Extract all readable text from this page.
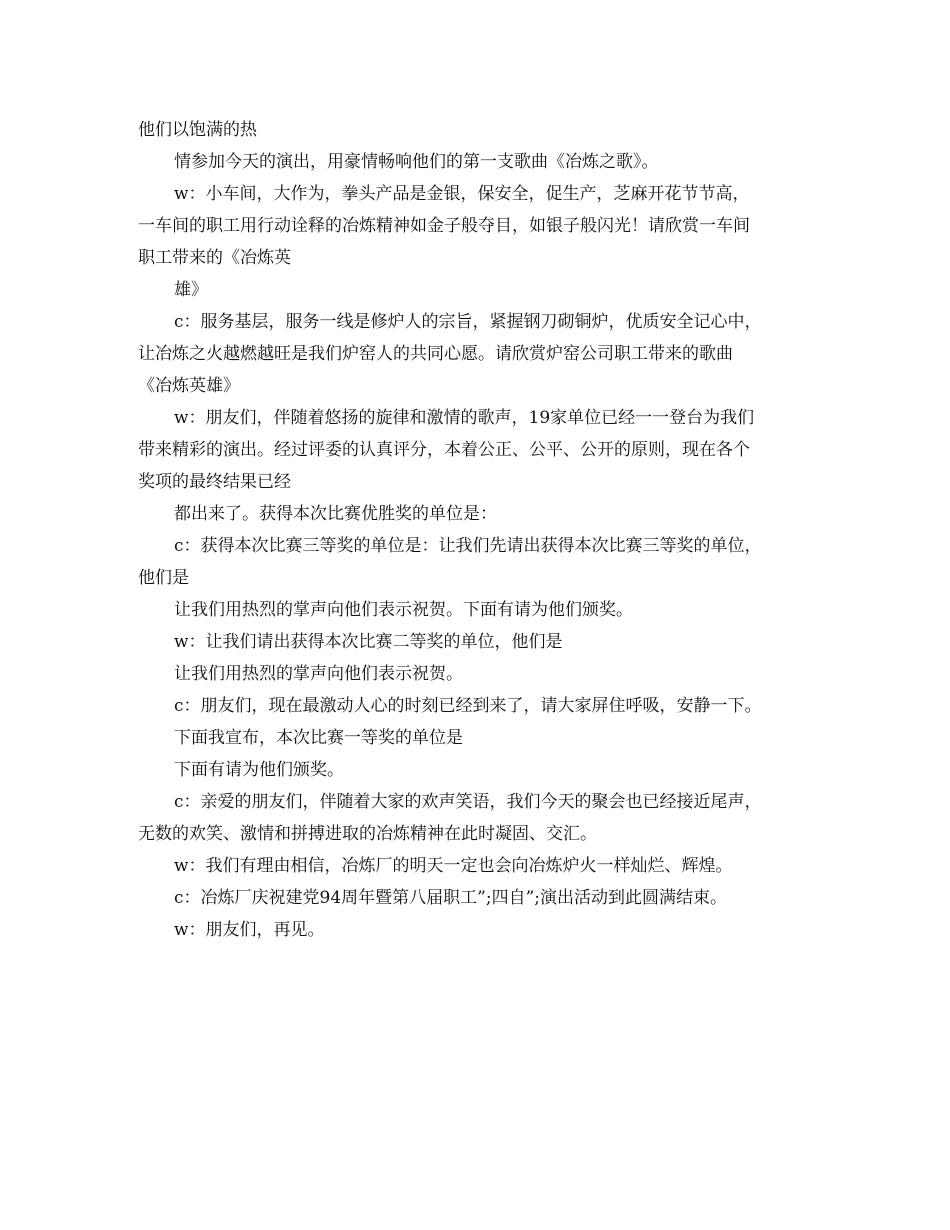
他们以饱满的热
情参加今天的演出，用豪情畅响他们的第一支歌曲《冶炼之歌》。
w：小车间，大作为，拳头产品是金银，保安全，促生产，芝麻开花节节高，
一车间的职工用行动诠释的冶炼精神如金子般夺目，如银子般闪光！请欣赏一车间
职工带来的《冶炼英
雄》
c：服务基层，服务一线是修炉人的宗旨，紧握钢刀砌铜炉，优质安全记心中，
让冶炼之火越燃越旺是我们炉窑人的共同心愿。请欣赏炉窑公司职工带来的歌曲
《冶炼英雄》
w：朋友们，伴随着悠扬的旋律和激情的歌声，19家单位已经一一登台为我们
带来精彩的演出。经过评委的认真评分，本着公正、公平、公开的原则，现在各个
奖项的最终结果已经
都出来了。获得本次比赛优胜奖的单位是：
c：获得本次比赛三等奖的单位是：让我们先请出获得本次比赛三等奖的单位，
他们是
让我们用热烈的掌声向他们表示祝贺。下面有请为他们颁奖。
w：让我们请出获得本次比赛二等奖的单位，他们是
让我们用热烈的掌声向他们表示祝贺。
c：朋友们，现在最激动人心的时刻已经到来了，请大家屏住呼吸，安静一下。
下面我宣布，本次比赛一等奖的单位是
下面有请为他们颁奖。
c：亲爱的朋友们，伴随着大家的欢声笑语，我们今天的聚会也已经接近尾声，
无数的欢笑、激情和拼搏进取的冶炼精神在此时凝固、交汇。
w：我们有理由相信，冶炼厂的明天一定也会向冶炼炉火一样灿烂、辉煌。
c：冶炼厂庆祝建党94周年暨第八届职工”;四自”;演出活动到此圆满结束。
w：朋友们，再见。
